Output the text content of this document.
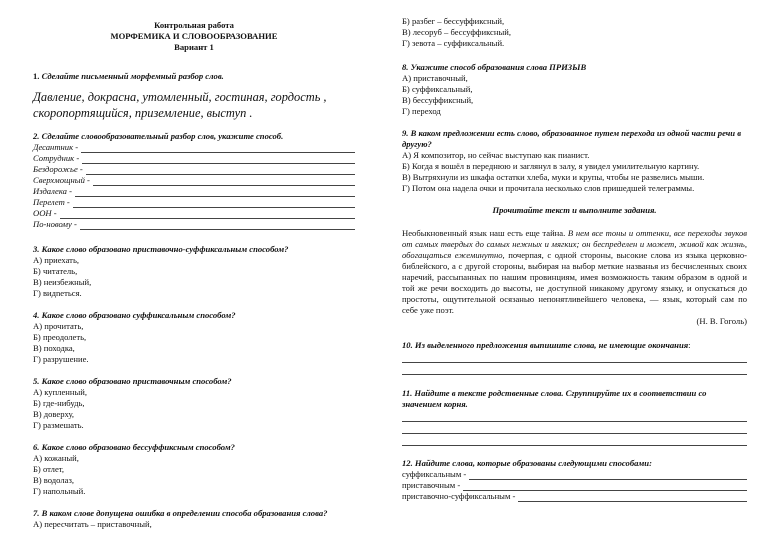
Контрольная работа
МОРФЕМИКА И СЛОВООБРАЗОВАНИЕ
Вариант 1
1. Сделайте письменный морфемный разбор слов.
Давление, докрасна, утомленный, гостиная, гордость , скоропортящийся, приземление, выступ .
2. Сделайте словообразовательный разбор слов, укажите способ.
Десантник -
Сотрудник -
Бездорожье -
Сверхмощный -
Издалека -
Перелет -
ООН -
По-новому -
3. Какое слово образовано приставочно-суффиксальным способом?
А) приехать,
Б) читатель,
В) неизбежный,
Г) видneться.
4. Какое слово образовано суффиксальным способом?
А) прочитать,
Б) преодолеть,
В) походка,
Г) разрушение.
5. Какое слово образовано приставочным способом?
А) купленный,
Б) где-нибудь,
В) доверху,
Г) размешать.
6. Какое слово образовано бессуффиксным способом?
А) кожаный,
Б) отлет,
В) водолаз,
Г) напольный.
7. В каком слове допущена ошибка в определении способа образования слова?
А) пересчитать – приставочный,
Б) разбег – бессуффиксный,
В) лесоруб – бессуффиксный,
Г) зевота – суффиксальный.
8. Укажите способ образования слова ПРИЗЫВ
А) приставочный,
Б) суффиксальный,
В) бессуффиксный,
Г) переход
9. В каком предложении есть слово, образованное путем перехода из одной части речи в другую?
А) Я композитор, но сейчас выступаю как пианист.
Б) Когда я вошёл в переднюю и заглянул в залу, я увидел умилительную картину.
В) Вытряхнули из шкафа остатки хлеба, муки и крупы, чтобы не развелись мыши.
Г) Потом она надела очки и прочитала несколько слов пришедшей телеграммы.
Прочитайте текст и выполните задания.
Необыкновенный язык наш есть еще тайна. В нем все тоны и оттенки, все переходы звуков от самых твердых до самых нежных и мягких; он беспределен и может, живой как жизнь, обогащаться ежеминутно, почерпая, с одной стороны, высокие слова из языка церковно-библейского, а с другой стороны, выбирая на выбор меткие названья из бесчисленных своих наречий, рассыпанных по нашим провинциям, имея возможность таким образом в одной и той же речи восходить до высоты, не доступной никакому другому языку, и опускаться до простоты, ощутительной осязанью непонятливейшего человека, — язык, который сам по себе уже поэт.
(Н. В. Гоголь)
10. Из выделенного предложения выпишите слова, не имеющие окончания:
11. Найдите в тексте родственные слова. Сгруппируйте их в соответствии со значением корня.
12. Найдите слова, которые образованы следующими способами:
суффиксальным -
приставочным -
приставочно-суффиксальным -
